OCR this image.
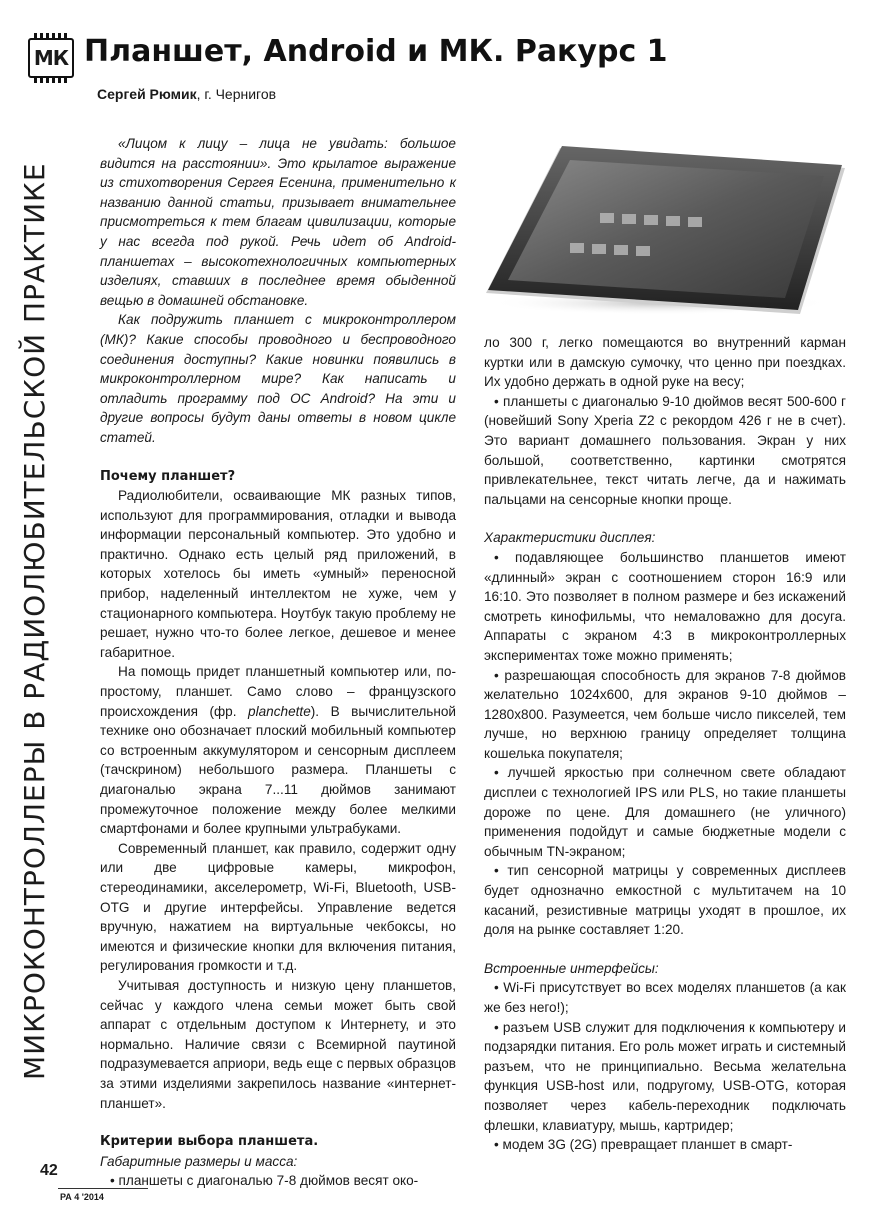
МК Планшет, Android и МК. Ракурс 1
Сергей Рюмик, г. Чернигов
МИКРОКОНТРОЛЛЕРЫ В РАДИОЛЮБИТЕЛЬСКОЙ ПРАКТИКЕ

«Лицом к лицу – лица не увидать: большое видится на расстоянии». Это крылатое выражение из стихотворения Сергея Есенина, применительно к названию данной статьи, призывает внимательнее присмотреться к тем благам цивилизации, которые у нас всегда под рукой. Речь идет об Android-планшетах – высокотехнологичных компьютерных изделиях, ставших в последнее время обыденной вещью в домашней обстановке.

Как подружить планшет с микроконтроллером (МК)? Какие способы проводного и беспроводного соединения доступны? Какие новинки появились в микроконтроллерном мире? Как написать и отладить программу под ОС Android? На эти и другие вопросы будут даны ответы в новом цикле статей.

Почему планшет?

Радиолюбители, осваивающие МК разных типов, используют для программирования, отладки и вывода информации персональный компьютер. Это удобно и практично. Однако есть целый ряд приложений, в которых хотелось бы иметь «умный» переносной прибор, наделенный интеллектом не хуже, чем у стационарного компьютера. Ноутбук такую проблему не решает, нужно что-то более легкое, дешевое и менее габаритное.

На помощь придет планшетный компьютер или, по-простому, планшет. Само слово – французского происхождения (фр. planchette). В вычислительной технике оно обозначает плоский мобильный компьютер со встроенным аккумулятором и сенсорным дисплеем (тачскрином) небольшого размера. Планшеты с диагональю экрана 7...11 дюймов занимают промежуточное положение между более мелкими смартфонами и более крупными ультрабуками.

Современный планшет, как правило, содержит одну или две цифровые камеры, микрофон, стереодинамики, акселерометр, Wi-Fi, Bluetooth, USB-OTG и другие интерфейсы. Управление ведется вручную, нажатием на виртуальные чекбоксы, но имеются и физические кнопки для включения питания, регулирования громкости и т.д.

Учитывая доступность и низкую цену планшетов, сейчас у каждого члена семьи может быть свой аппарат с отдельным доступом к Интернету, и это нормально. Наличие связи с Всемирной паутиной подразумевается априори, ведь еще с первых образцов за этими изделиями закрепилось название «интернет-планшет».

Критерии выбора планшета.

Габаритные размеры и масса:

• планшеты с диагональю 7-8 дюймов весят око-

ло 300 г, легко помещаются во внутренний карман куртки или в дамскую сумочку, что ценно при поездках. Их удобно держать в одной руке на весу;

• планшеты с диагональю 9-10 дюймов весят 500-600 г (новейший Sony Xperia Z2 с рекордом 426 г не в счет). Это вариант домашнего пользования. Экран у них большой, соответственно, картинки смотрятся привлекательнее, текст читать легче, да и нажимать пальцами на сенсорные кнопки проще.

Характеристики дисплея:

• подавляющее большинство планшетов имеют «длинный» экран с соотношением сторон 16:9 или 16:10. Это позволяет в полном размере и без искажений смотреть кинофильмы, что немаловажно для досуга. Аппараты с экраном 4:3 в микроконтроллерных экспериментах тоже можно применять;

• разрешающая способность для экранов 7-8 дюймов желательно 1024x600, для экранов 9-10 дюймов – 1280x800. Разумеется, чем больше число пикселей, тем лучше, но верхнюю границу определяет толщина кошелька покупателя;

• лучшей яркостью при солнечном свете обладают дисплеи с технологией IPS или PLS, но такие планшеты дороже по цене. Для домашнего (не уличного) применения подойдут и самые бюджетные модели с обычным TN-экраном;

• тип сенсорной матрицы у современных дисплеев будет однозначно емкостной с мультитачем на 10 касаний, резистивные матрицы уходят в прошлое, их доля на рынке составляет 1:20.

Встроенные интерфейсы:

• Wi-Fi присутствует во всех моделях планшетов (а как же без него!);

• разъем USB служит для подключения к компьютеру и подзарядки питания. Его роль может играть и системный разъем, что не принципиально. Весьма желательна функция USB-host или, подругому, USB-OTG, которая позволяет через кабель-переходник подключать флешки, клавиатуру, мышь, картридер;

• модем 3G (2G) превращает планшет в смарт-

42
РА 4 '2014
